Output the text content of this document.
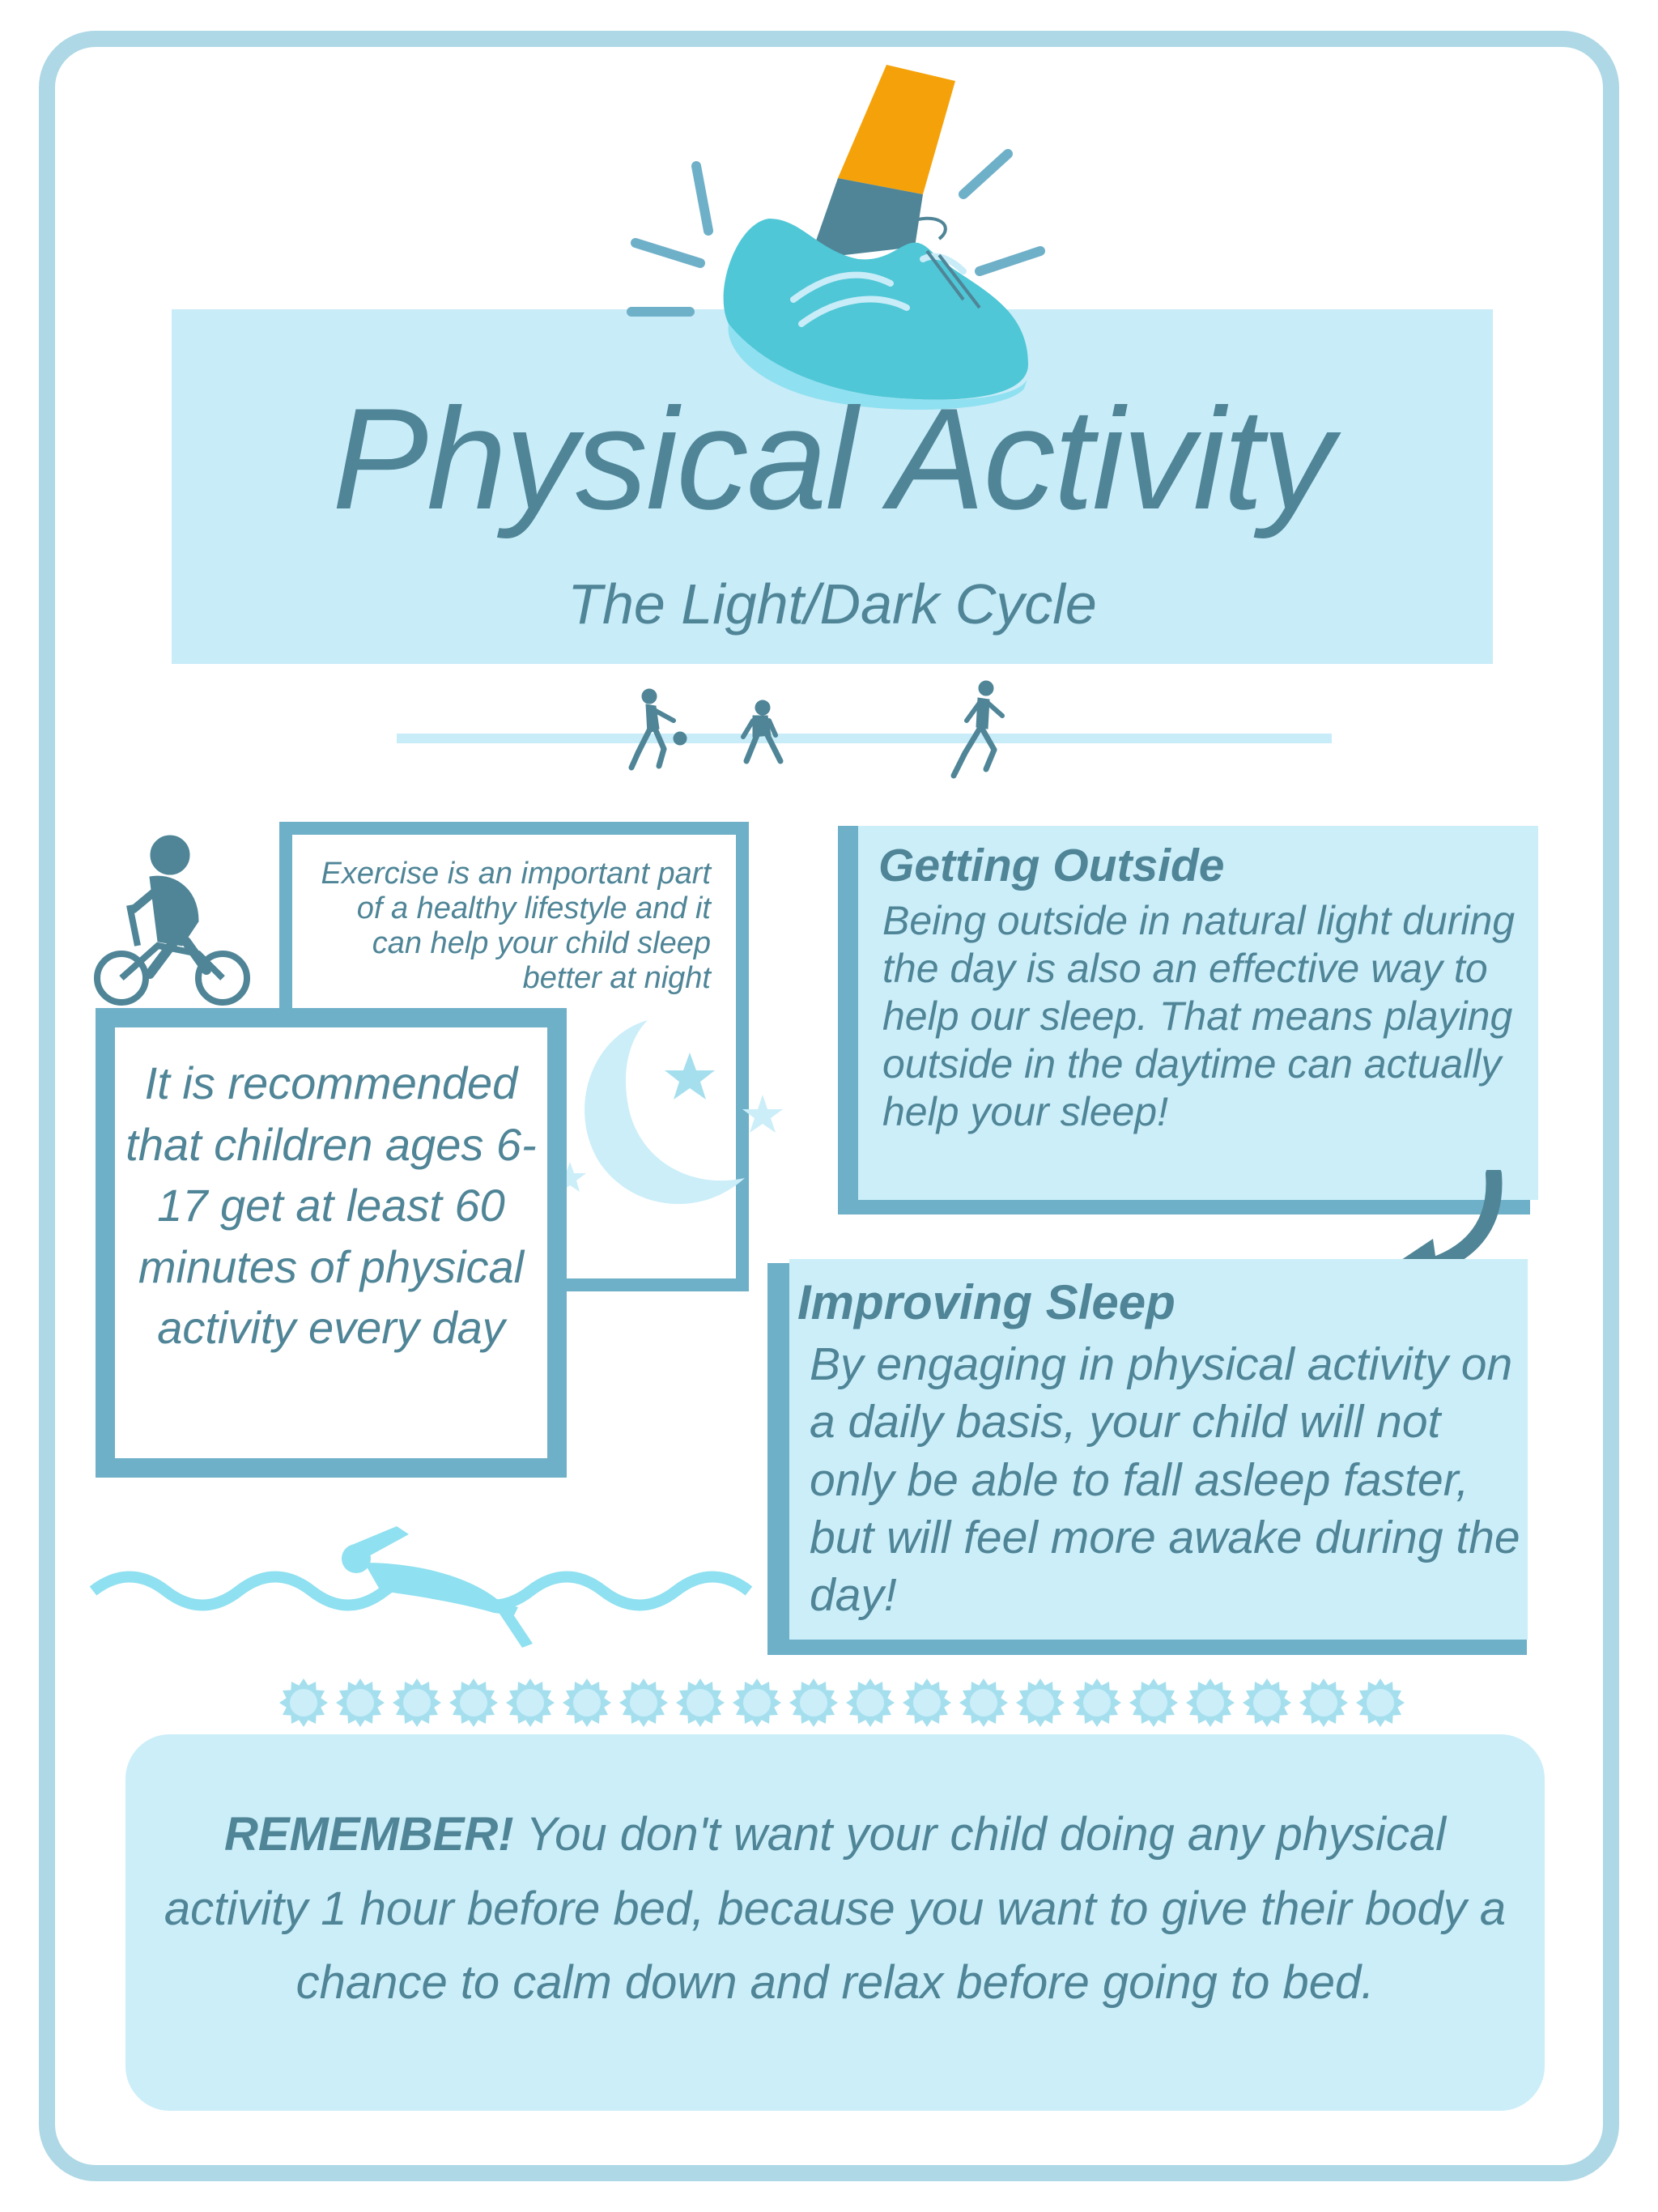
Physical Activity
The Light/Dark Cycle
Exercise is an important part of a healthy lifestyle and it can help your child sleep better at night
It is recommended that children ages 6-17 get at least 60 minutes of physical activity every day
Getting Outside
Being outside in natural light during the day is also an effective way to help our sleep. That means playing outside in the daytime can actually help your sleep!
Improving Sleep
By engaging in physical activity on a daily basis, your child will not only be able to fall asleep faster, but will feel more awake during the day!
REMEMBER! You don't want your child doing any physical activity 1 hour before bed, because you want to give their body a chance to calm down and relax before going to bed.
